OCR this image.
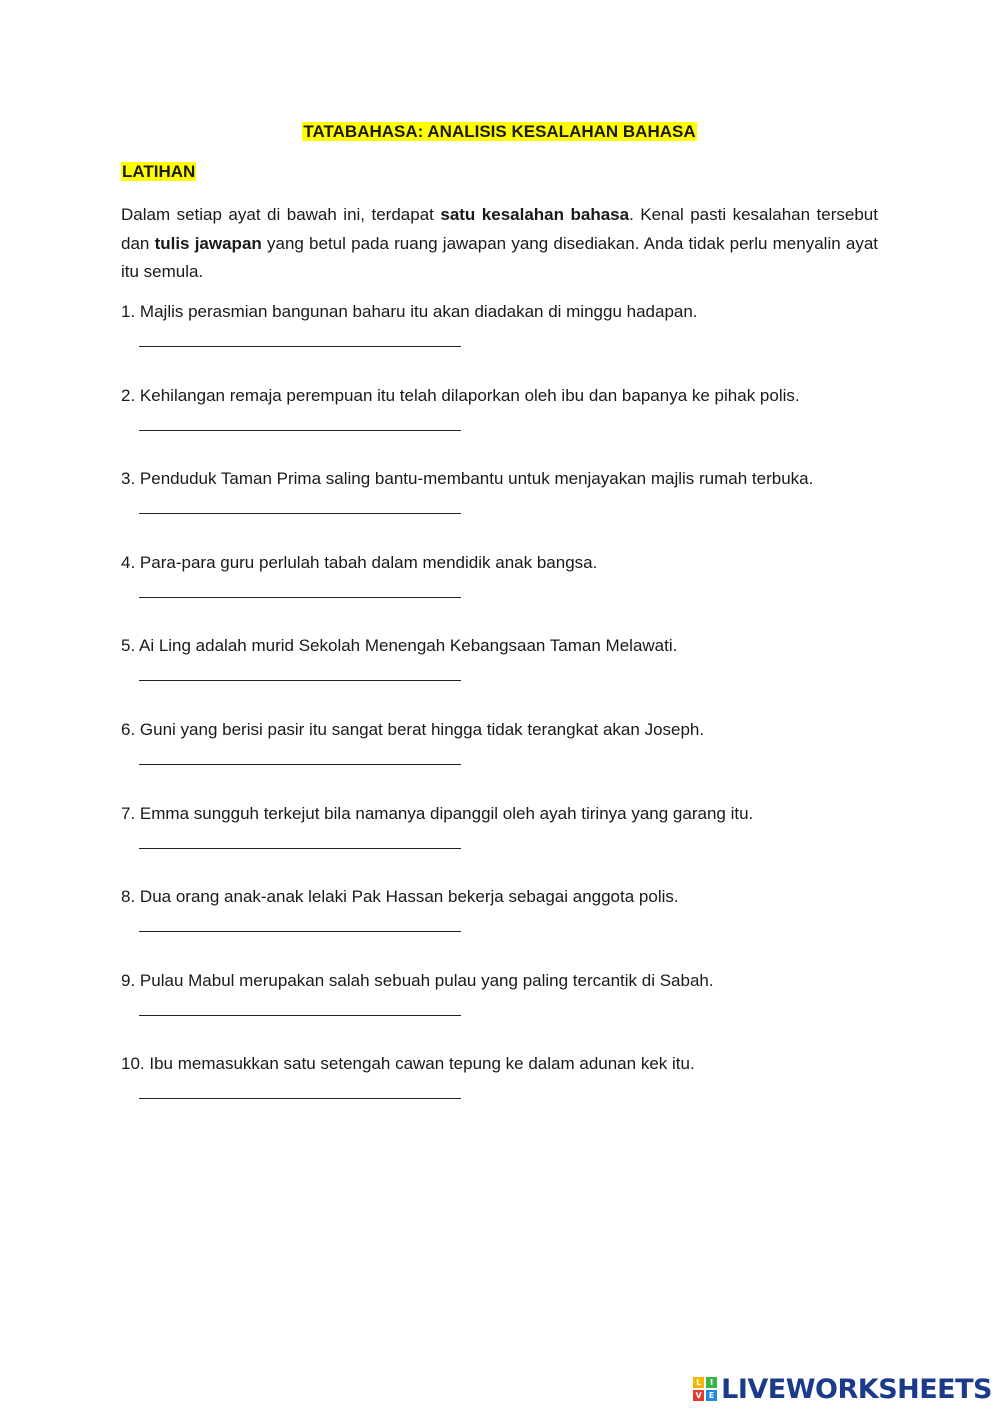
TATABAHASA: ANALISIS KESALAHAN BAHASA
LATIHAN
Dalam setiap ayat di bawah ini, terdapat satu kesalahan bahasa. Kenal pasti kesalahan tersebut dan tulis jawapan yang betul pada ruang jawapan yang disediakan. Anda tidak perlu menyalin ayat itu semula.
1. Majlis perasmian bangunan baharu itu akan diadakan di minggu hadapan.
2. Kehilangan remaja perempuan itu telah dilaporkan oleh ibu dan bapanya ke pihak polis.
3. Penduduk Taman Prima saling bantu-membantu untuk menjayakan majlis rumah terbuka.
4. Para-para guru perlulah tabah dalam mendidik anak bangsa.
5. Ai Ling adalah murid Sekolah Menengah Kebangsaan Taman Melawati.
6. Guni yang berisi pasir itu sangat berat hingga tidak terangkat akan Joseph.
7. Emma sungguh terkejut bila namanya dipanggil oleh ayah tirinya yang garang itu.
8. Dua orang anak-anak lelaki Pak Hassan bekerja sebagai anggota polis.
9. Pulau Mabul merupakan salah sebuah pulau yang paling tercantik di Sabah.
10. Ibu memasukkan satu setengah cawan tepung ke dalam adunan kek itu.
L	I
V E LIVEWORKSHEETS
